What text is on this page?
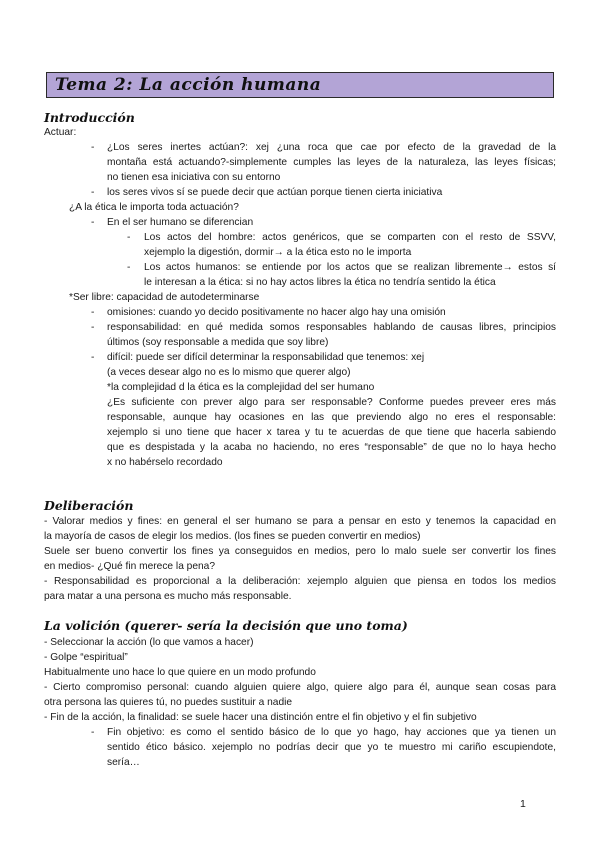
Tema 2: La acción humana
Introducción
Actuar:
- ¿Los seres inertes actúan?: xej ¿una roca que cae por efecto de la gravedad de la
montaña está actuando?-simplemente cumples las leyes de la naturaleza, las leyes físicas;
no tienen esa iniciativa con su entorno
- los seres vivos sí se puede decir que actúan porque tienen cierta iniciativa
¿A la ética le importa toda actuación?
- En el ser humano se diferencian
- Los actos del hombre: actos genéricos, que se comparten con el resto de SSVV,
xejemplo la digestión, dormir→ a la ética esto no le importa
- Los actos humanos: se entiende por los actos que se realizan libremente→ estos sí
le interesan a la ética: si no hay actos libres la ética no tendría sentido la ética
*Ser libre: capacidad de autodeterminarse
- omisiones: cuando yo decido positivamente no hacer algo hay una omisión
- responsabilidad: en qué medida somos responsables hablando de causas libres, principios
últimos (soy responsable a medida que soy libre)
- difícil: puede ser difícil determinar la responsabilidad que tenemos: xej
(a veces desear algo no es lo mismo que querer algo)
*la complejidad d la ética es la complejidad del ser humano
¿Es suficiente con prever algo para ser responsable? Conforme puedes preveer eres más
responsable, aunque hay ocasiones en las que previendo algo no eres el responsable:
xejemplo si uno tiene que hacer x tarea y tu te acuerdas de que tiene que hacerla sabiendo
que es despistada y la acaba no haciendo, no eres “responsable” de que no lo haya hecho
x no habérselo recordado
Deliberación
- Valorar medios y fines: en general el ser humano se para a pensar en esto y tenemos la capacidad en
la mayoría de casos de elegir los medios. (los fines se pueden convertir en medios)
Suele ser bueno convertir los fines ya conseguidos en medios, pero lo malo suele ser convertir los fines
en medios- ¿Qué fin merece la pena?
- Responsabilidad es proporcional a la deliberación: xejemplo alguien que piensa en todos los medios
para matar a una persona es mucho más responsable.
La volición (querer- sería la decisión que uno toma)
- Seleccionar la acción (lo que vamos a hacer)
- Golpe “espiritual”
Habitualmente uno hace lo que quiere en un modo profundo
- Cierto compromiso personal: cuando alguien quiere algo, quiere algo para él, aunque sean cosas para
otra persona las quieres tú, no puedes sustituir a nadie
- Fin de la acción, la finalidad: se suele hacer una distinción entre el fin objetivo y el fin subjetivo
- Fin objetivo: es como el sentido básico de lo que yo hago, hay acciones que ya tienen un
sentido ético básico. xejemplo no podrías decir que yo te muestro mi cariño escupiendote,
sería…
1
